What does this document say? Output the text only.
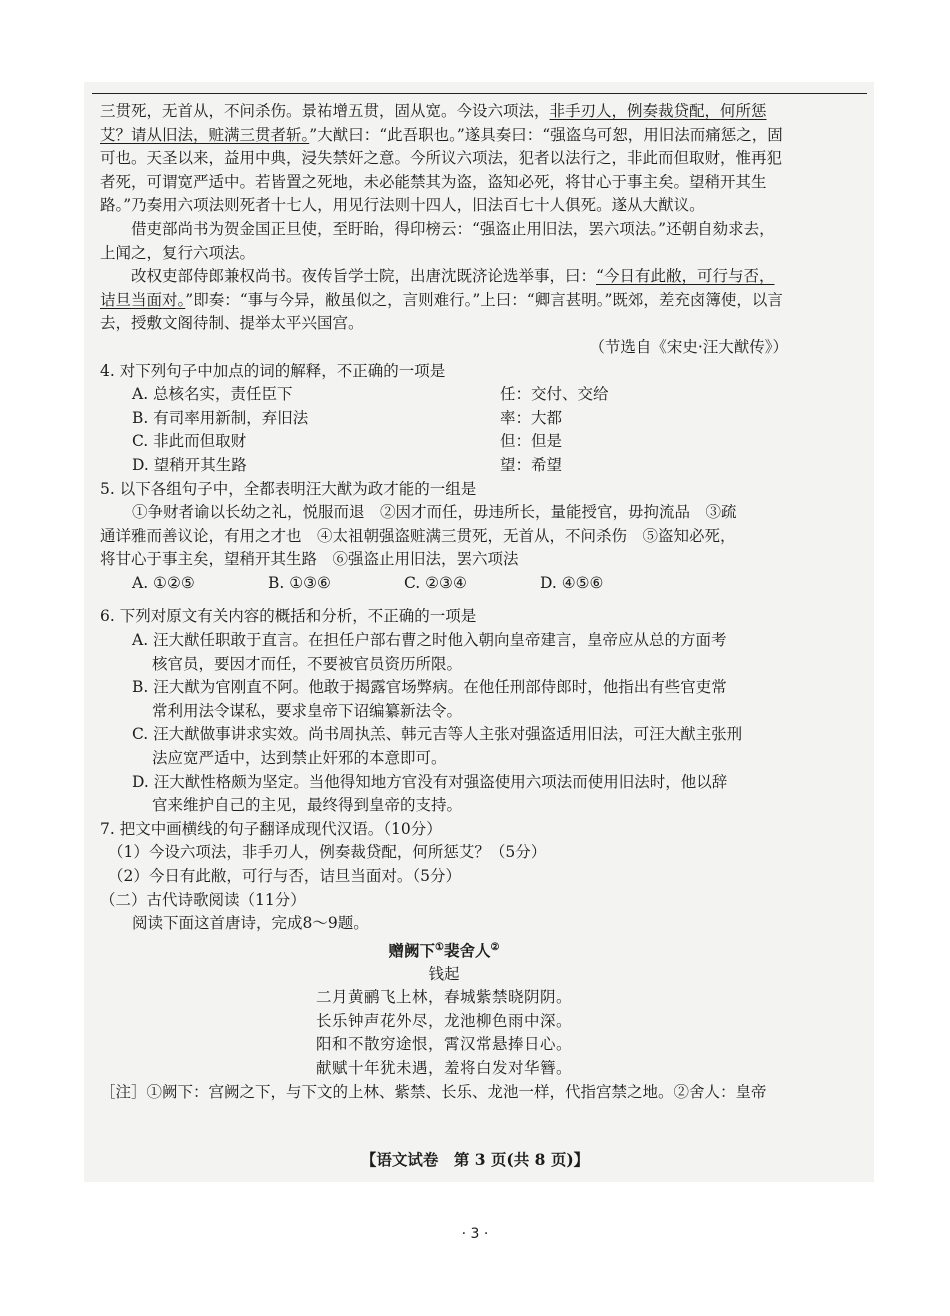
三贯死，无首从，不问杀伤。景祐增五贯，固从宽。今设六项法，非手刃人，例奏裁贷配，何所惩艾？请从旧法，赃满三贯者斩。”大猷曰：“此吾职也。”遂具奏曰：“强盗乌可恕，用旧法而痛惩之，固可也。天圣以来，益用中典，浸失禁奸之意。今所议六项法，犯者以法行之，非此而但取财，惟再犯者死，可谓宽严适中。若皆置之死地，未必能禁其为盗，盗知必死，将甘心于事主矣。望稍开其生路。”乃奏用六项法则死者十七人，用见行法则十四人，旧法百七十人俱死。遂从大猷议。

借吏部尚书为贺金国正旦使，至盱眙，得印榜云：“强盗止用旧法，罢六项法。”还朝自劾求去，上闻之，复行六项法。

改权吏部侍郎兼权尚书。夜传旨学士院，出唐沈既济论选举事，曰：“今日有此敝，可行与否，诘旦当面对。”即奏：“事与今异，敝虽似之，言则难行。”上曰：“卿言甚明。”既郊，差充卤簿使，以言去，授敷文阁待制、提举太平兴国宫。

（节选自《宋史·汪大猷传》）

4. 对下列句子中加点的词的解释，不正确的一项是

A. 总核名实，责任臣下	任：交付、交给
B. 有司率用新制，弃旧法	率：大都
C. 非此而但取财	但：但是
D. 望稍开其生路	望：希望

5. 以下各组句子中，全都表明汪大猷为政才能的一组是

①争财者谕以长幼之礼，悦服而退　②因才而任，毋违所长，量能授官，毋拘流品　③疏

通详雅而善议论，有用之才也　④太祖朝强盗赃满三贯死，无首从，不问杀伤　⑤盗知必死，

将甘心于事主矣，望稍开其生路　⑥强盗止用旧法，罢六项法

A. ①②⑤	B. ①③⑥	C. ②③④	D. ④⑤⑥

6. 下列对原文有关内容的概括和分析，不正确的一项是

A. 汪大猷任职敢于直言。在担任户部右曹之时他入朝向皇帝建言，皇帝应从总的方面考

核官员，要因才而任，不要被官员资历所限。

B. 汪大猷为官刚直不阿。他敢于揭露官场弊病。在他任刑部侍郎时，他指出有些官吏常

常利用法令谋私，要求皇帝下诏编纂新法令。

C. 汪大猷做事讲求实效。尚书周执羔、韩元吉等人主张对强盗适用旧法，可汪大猷主张刑

法应宽严适中，达到禁止奸邪的本意即可。

D. 汪大猷性格颇为坚定。当他得知地方官没有对强盗使用六项法而使用旧法时，他以辞

官来维护自己的主见，最终得到皇帝的支持。

7. 把文中画横线的句子翻译成现代汉语。（10分）

（1）今设六项法，非手刃人，例奏裁贷配，何所惩艾？（5分）

（2）今日有此敝，可行与否，诘旦当面对。（5分）

（二）古代诗歌阅读（11分）

阅读下面这首唐诗，完成8～9题。

赠阙下①裴舍人②

钱起

二月黄鹂飞上林，春城紫禁晓阴阴。

长乐钟声花外尽，龙池柳色雨中深。

阳和不散穷途恨，霄汉常悬捧日心。

献赋十年犹未遇，羞将白发对华簪。

［注］①阙下：宫阙之下，与下文的上林、紫禁、长乐、龙池一样，代指宫禁之地。②舍人：皇帝

【语文试卷　第 3 页(共 8 页)】
· 3 ·
